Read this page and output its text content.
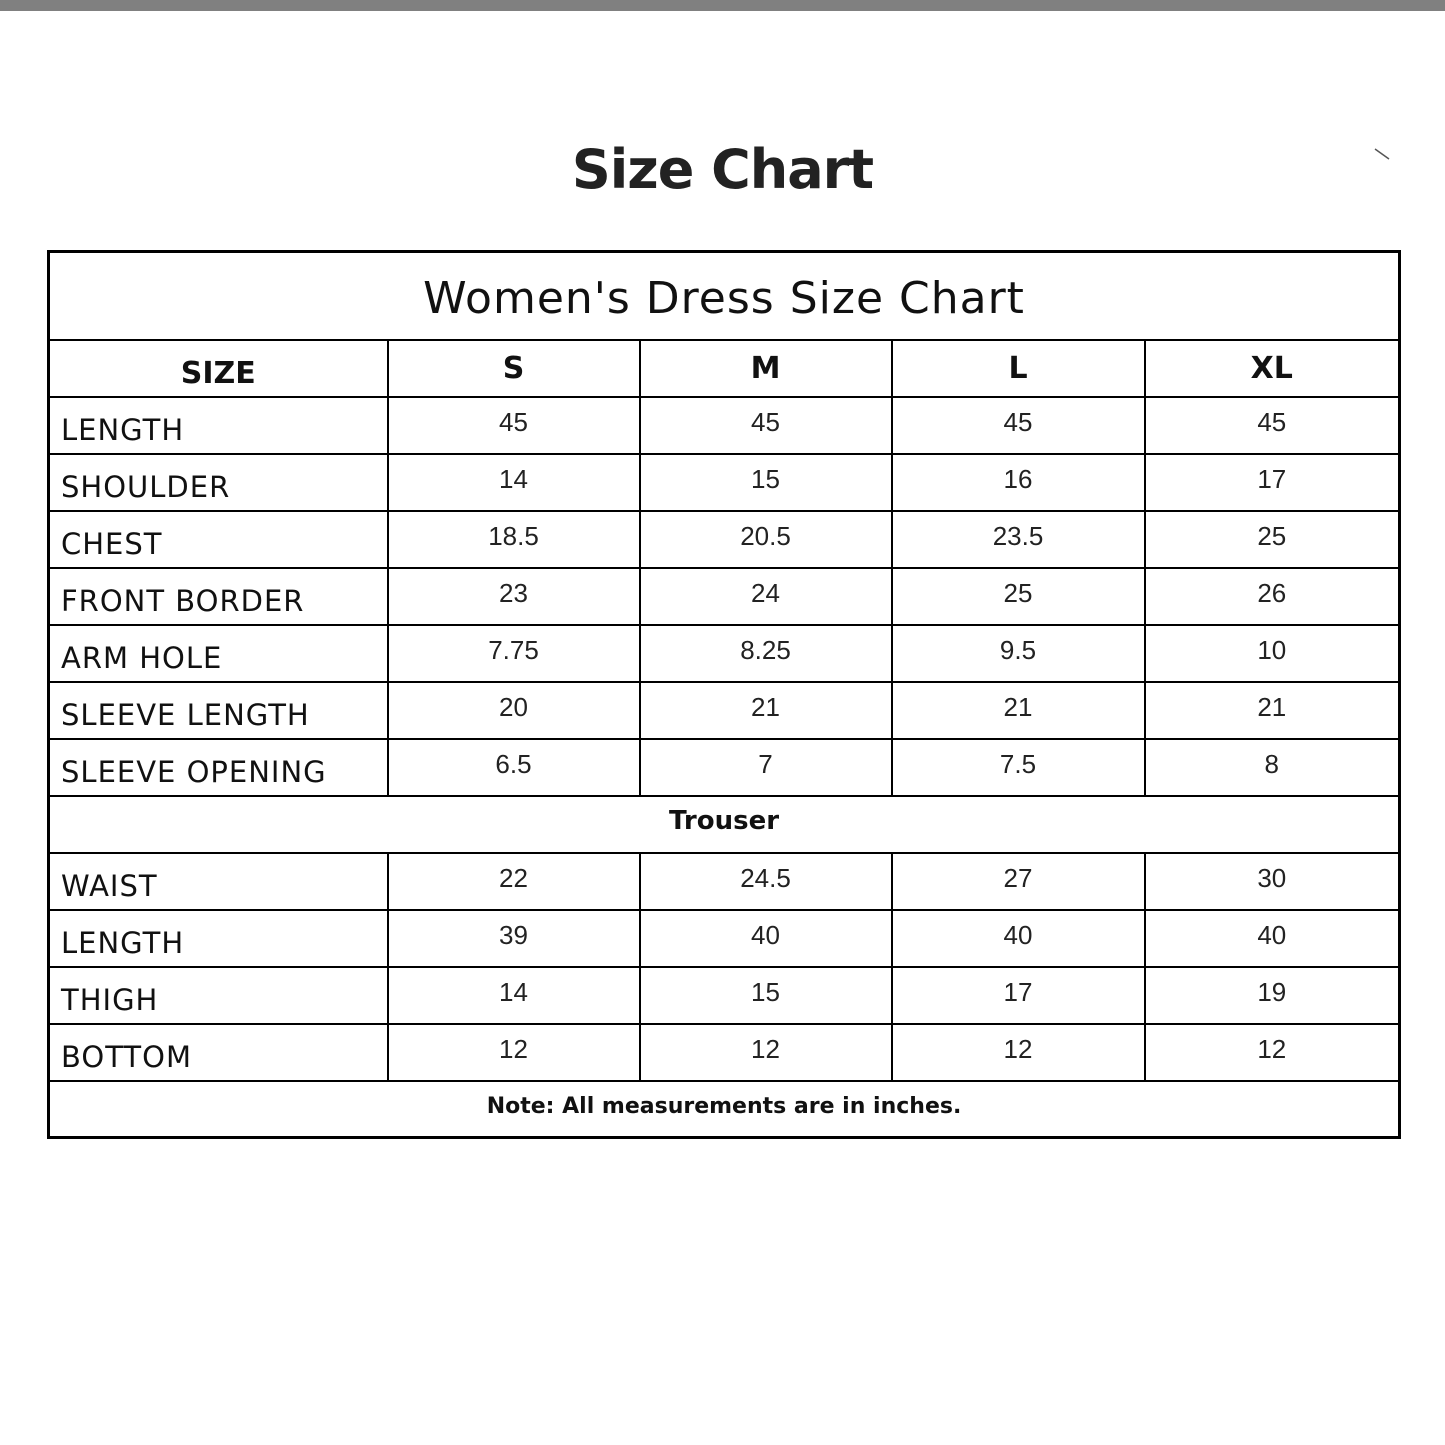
Size Chart
Women's Dress Size Chart				
SIZE	S	M	L	XL
LENGTH	45	45	45	45
SHOULDER	14	15	16	17
CHEST	18.5	20.5	23.5	25
FRONT BORDER	23	24	25	26
ARM HOLE	7.75	8.25	9.5	10
SLEEVE LENGTH	20	21	21	21
SLEEVE OPENING	6.5	7	7.5	8
Trouser				
WAIST	22	24.5	27	30
LENGTH	39	40	40	40
THIGH	14	15	17	19
BOTTOM	12	12	12	12
Note: All measurements are in inches.				
